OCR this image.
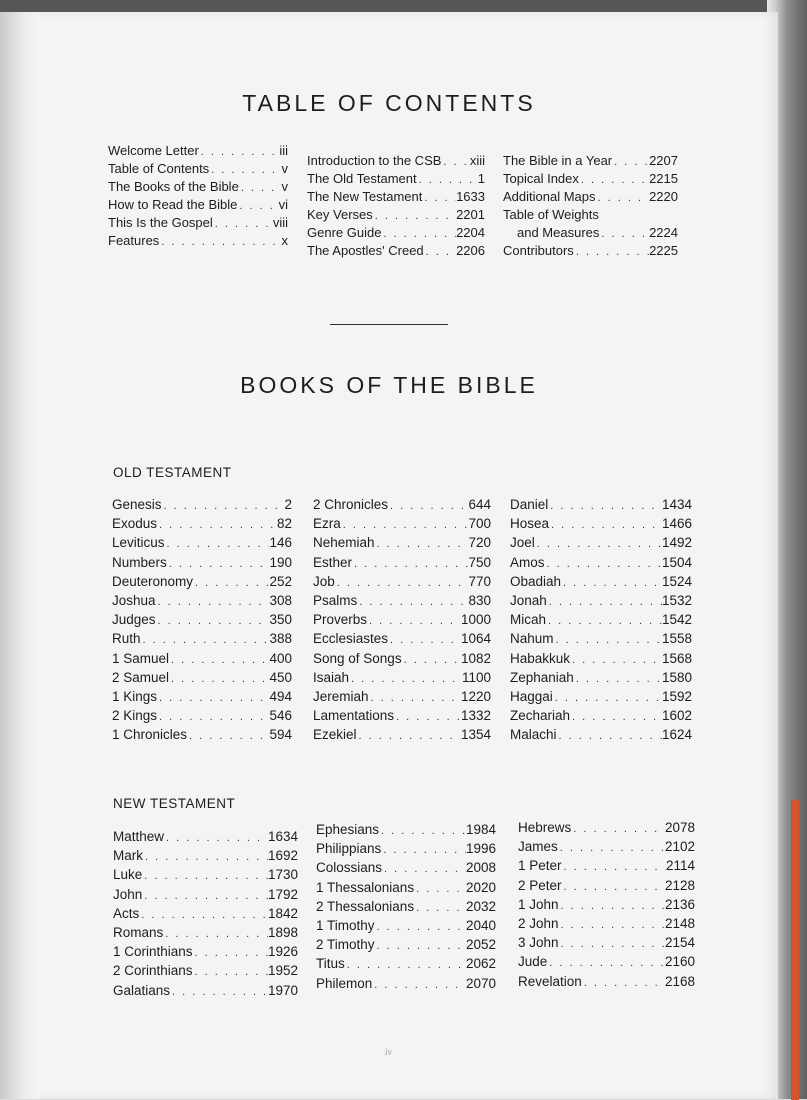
TABLE OF CONTENTS
Welcome Letter . . .	iii
Table of Contents . . .	v
The Books of the Bible . . .	v
How to Read the Bible . . .	vi
This Is the Gospel . . .	viii
Features . . .	x
Introduction to the CSB . . . xiii
The Old Testament . . .	1
The New Testament . . .	1633
Key Verses . . .	2201
Genre Guide . . .	2204
The Apostles' Creed . . . 2206
The Bible in a Year . . .	2207
Topical Index . . .	2215
Additional Maps . . .	2220
Table of Weights
and Measures . . .	2224
Contributors . . .	2225
BOOKS OF THE BIBLE
OLD TESTAMENT
Genesis . . .	2
Exodus . . .	82
Leviticus . . .	146
Numbers . . .	190
Deuteronomy . . .	252
Joshua . . .	308
Judges . . .	350
Ruth . . .	388
1 Samuel . . .	400
2 Samuel . . .	450
1 Kings . . .	494
2 Kings . . .	546
1 Chronicles . . .	594
2 Chronicles . . .	644
Ezra . . .	700
Nehemiah . . .	720
Esther . . .	750
Job . . .	770
Psalms . . .	830
Proverbs . . .	1000
Ecclesiastes . . .	1064
Song of Songs . . .	1082
Isaiah . . .	1100
Jeremiah . . .	1220
Lamentations . . .	1332
Ezekiel . . .	1354
Daniel . . .	1434
Hosea . . .	1466
Joel . . .	1492
Amos . . .	1504
Obadiah . . .	1524
Jonah . . .	1532
Micah . . .	1542
Nahum . . .	1558
Habakkuk . . .	1568
Zephaniah . . .	1580
Haggai . . .	1592
Zechariah . . .	1602
Malachi . . .	1624
NEW TESTAMENT
Matthew . . .	1634
Mark . . .	1692
Luke . . .	1730
John . . .	1792
Acts . . .	1842
Romans . . .	1898
1 Corinthians . . .	1926
2 Corinthians . . .	1952
Galatians . . .	1970
Ephesians . . .	1984
Philippians . . .	1996
Colossians . . .	2008
1 Thessalonians . . .	2020
2 Thessalonians . . .	2032
1 Timothy . . .	2040
2 Timothy . . .	2052
Titus . . .	2062
Philemon . . .	2070
Hebrews . . .	2078
James . . .	2102
1 Peter . . .	2114
2 Peter . . .	2128
1 John . . .	2136
2 John . . .	2148
3 John . . .	2154
Jude . . .	2160
Revelation . . .	2168
iv
